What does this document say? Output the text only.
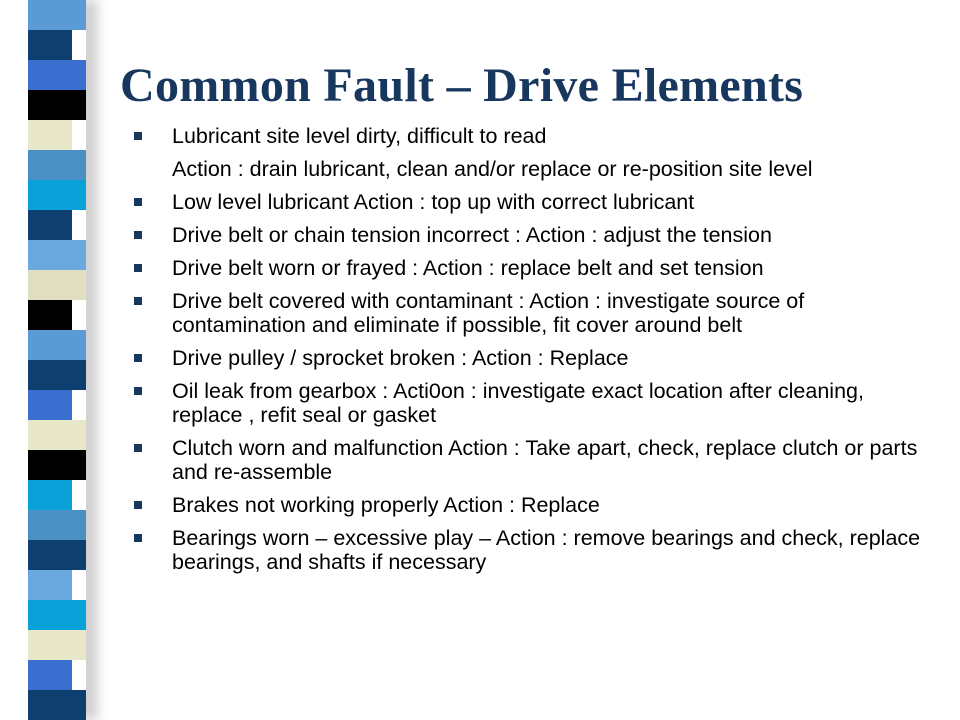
Common Fault – Drive Elements
Lubricant site level dirty, difficult to read
Action : drain lubricant, clean and/or replace or re-position site level
Low level lubricant Action : top up with correct lubricant
Drive belt or chain tension incorrect : Action : adjust the tension
Drive belt worn or frayed : Action : replace belt and set tension
Drive belt covered with contaminant : Action : investigate source of contamination and eliminate if possible, fit cover around belt
Drive pulley / sprocket broken : Action : Replace
Oil leak from gearbox : Acti0on : investigate exact location after cleaning, replace , refit seal or gasket
Clutch worn and malfunction Action : Take apart, check, replace clutch or parts and re-assemble
Brakes not working properly Action : Replace
Bearings worn – excessive play – Action : remove bearings and check, replace bearings, and shafts if necessary
